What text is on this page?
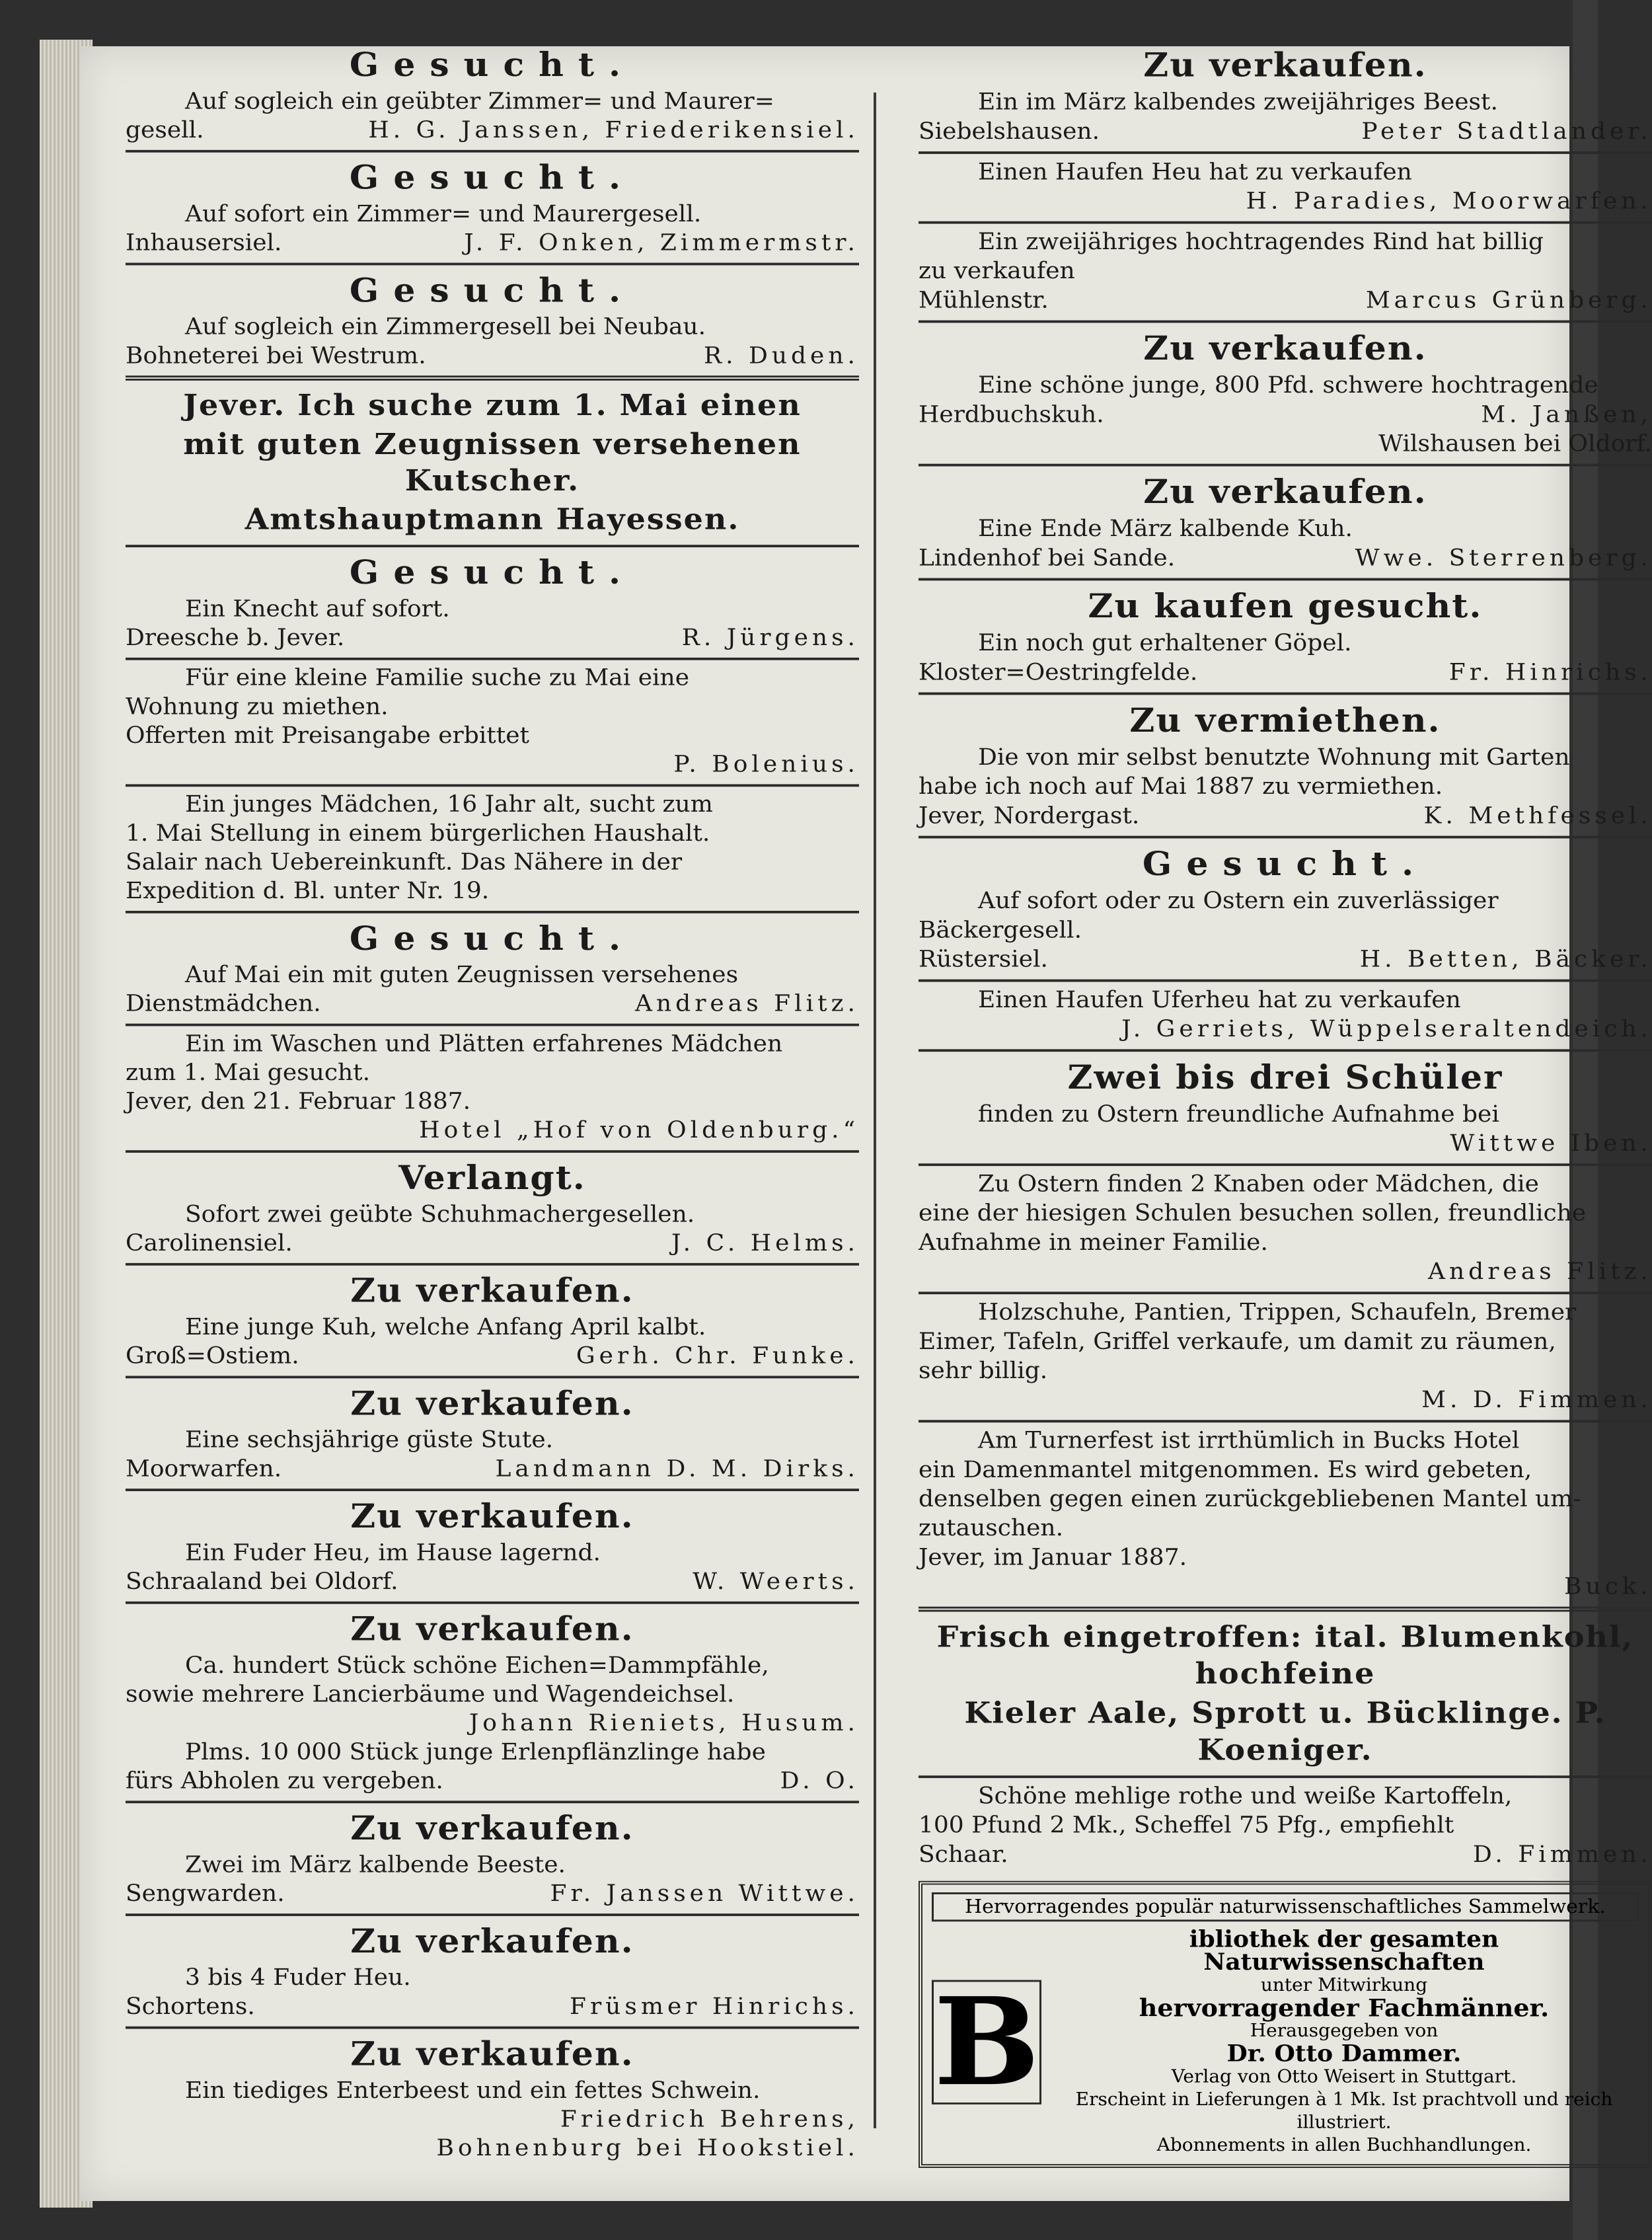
Gesucht.
Auf sogleich ein geübter Zimmer= und Maurer=
gesell.	H. G. Janssen, Friederikensiel.
Gesucht.
Auf sofort ein Zimmer= und Maurergesell.
Inhausersiel.	J. F. Onken, Zimmermstr.
Gesucht.
Auf sogleich ein Zimmergesell bei Neubau.
Bohneterei bei Westrum.	R. Duden.
Jever. Ich suche zum 1. Mai einen
mit guten Zeugnissen versehenen Kutscher.
Amtshauptmann Hayessen.
Gesucht.
Ein Knecht auf sofort.
Dreesche b. Jever.	R. Jürgens.
Für eine kleine Familie suche zu Mai eine
Wohnung zu miethen.
Offerten mit Preisangabe erbittet
P. Bolenius.
Ein junges Mädchen, 16 Jahr alt, sucht zum
1. Mai Stellung in einem bürgerlichen Haushalt.
Salair nach Uebereinkunft. Das Nähere in der
Expedition d. Bl. unter Nr. 19.
Gesucht.
Auf Mai ein mit guten Zeugnissen versehenes
Dienstmädchen.	Andreas Flitz.
Ein im Waschen und Plätten erfahrenes Mädchen
zum 1. Mai gesucht.
Jever, den 21. Februar 1887.
Hotel „Hof von Oldenburg.“
Verlangt.
Sofort zwei geübte Schuhmachergesellen.
Carolinensiel.	J. C. Helms.
Zu verkaufen.
Eine junge Kuh, welche Anfang April kalbt.
Groß=Ostiem.	Gerh. Chr. Funke.
Zu verkaufen.
Eine sechsjährige güste Stute.
Moorwarfen.	Landmann D. M. Dirks.
Zu verkaufen.
Ein Fuder Heu, im Hause lagernd.
Schraaland bei Oldorf.	W. Weerts.
Zu verkaufen.
Ca. hundert Stück schöne Eichen=Dammpfähle,
sowie mehrere Lancierbäume und Wagendeichsel.
Johann Rieniets, Husum.
Plms. 10 000 Stück junge Erlenpflänzlinge habe
fürs Abholen zu vergeben.	D. O.
Zu verkaufen.
Zwei im März kalbende Beeste.
Sengwarden.	Fr. Janssen Wittwe.
Zu verkaufen.
3 bis 4 Fuder Heu.
Schortens.	Früsmer Hinrichs.
Zu verkaufen.
Ein tiediges Enterbeest und ein fettes Schwein.
Friedrich Behrens,
Bohnenburg bei Hookstiel.
Zu verkaufen.
Ein im März kalbendes zweijähriges Beest.
Siebelshausen.	Peter Stadtlander.
Einen Haufen Heu hat zu verkaufen
H. Paradies, Moorwarfen.
Ein zweijähriges hochtragendes Rind hat billig
zu verkaufen
Mühlenstr.	Marcus Grünberg.
Zu verkaufen.
Eine schöne junge, 800 Pfd. schwere hochtragende
Herdbuchskuh.	M. Janßen,
Wilshausen bei Oldorf.
Zu verkaufen.
Eine Ende März kalbende Kuh.
Lindenhof bei Sande.	Wwe. Sterrenberg.
Zu kaufen gesucht.
Ein noch gut erhaltener Göpel.
Kloster=Oestringfelde.	Fr. Hinrichs.
Zu vermiethen.
Die von mir selbst benutzte Wohnung mit Garten
habe ich noch auf Mai 1887 zu vermiethen.
Jever, Nordergast.	K. Methfessel.
Gesucht.
Auf sofort oder zu Ostern ein zuverlässiger
Bäckergesell.
Rüstersiel.	H. Betten, Bäcker.
Einen Haufen Uferheu hat zu verkaufen
J. Gerriets, Wüppelseraltendeich.
Zwei bis drei Schüler
finden zu Ostern freundliche Aufnahme bei
Wittwe Iben.
Zu Ostern finden 2 Knaben oder Mädchen, die
eine der hiesigen Schulen besuchen sollen, freundliche
Aufnahme in meiner Familie.
Andreas Flitz.
Holzschuhe, Pantien, Trippen, Schaufeln, Bremer
Eimer, Tafeln, Griffel verkaufe, um damit zu räumen,
sehr billig.
M. D. Fimmen.
Am Turnerfest ist irrthümlich in Bucks Hotel
ein Damenmantel mitgenommen. Es wird gebeten,
denselben gegen einen zurückgebliebenen Mantel um-
zutauschen.
Jever, im Januar 1887.
Buck.
Frisch eingetroffen: ital. Blumenkohl, hochfeine
Kieler Aale, Sprott u. Bücklinge. P. Koeniger.
Schöne mehlige rothe und weiße Kartoffeln,
100 Pfund 2 Mk., Scheffel 75 Pfg., empfiehlt
Schaar.	D. Fimmen.
Hervorragendes populär naturwissenschaftliches Sammelwerk.
B
ibliothek der gesamten Naturwissenschaften
unter Mitwirkung
hervorragender Fachmänner.
Herausgegeben von
Dr. Otto Dammer.
Verlag von Otto Weisert in Stuttgart.
Erscheint in Lieferungen à 1 Mk. Ist prachtvoll und reich illustriert.
Abonnements in allen Buchhandlungen.
